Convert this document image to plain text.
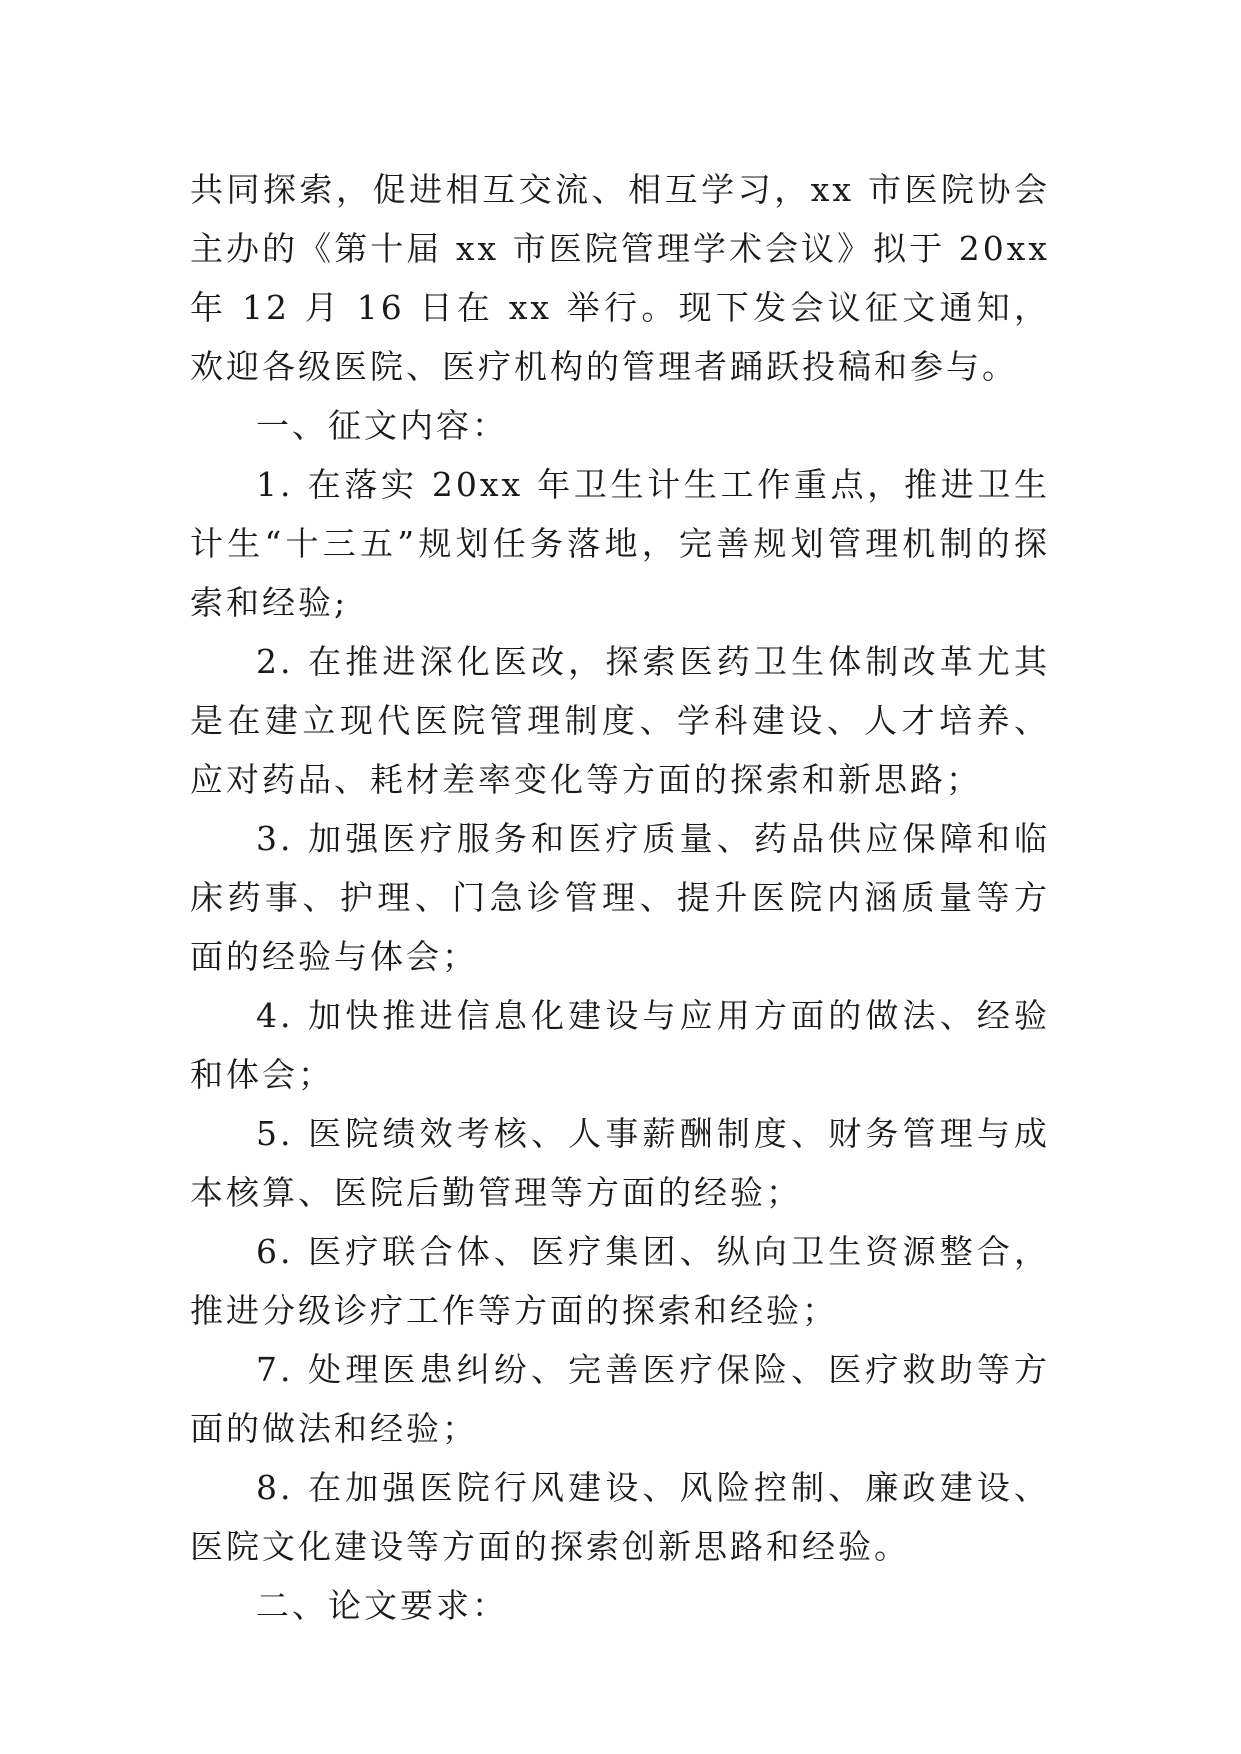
共同探索，促进相互交流、相互学习，xx 市医院协会主办的《第十届 xx 市医院管理学术会议》拟于 20xx 年 12 月 16 日在 xx 举行。现下发会议征文通知，欢迎各级医院、医疗机构的管理者踊跃投稿和参与。

一、征文内容：

1. 在落实 20xx 年卫生计生工作重点，推进卫生计生“十三五”规划任务落地，完善规划管理机制的探索和经验;

2. 在推进深化医改，探索医药卫生体制改革尤其是在建立现代医院管理制度、学科建设、人才培养、应对药品、耗材差率变化等方面的探索和新思路；

3. 加强医疗服务和医疗质量、药品供应保障和临床药事、护理、门急诊管理、提升医院内涵质量等方面的经验与体会；

4. 加快推进信息化建设与应用方面的做法、经验和体会；

5. 医院绩效考核、人事薪酬制度、财务管理与成本核算、医院后勤管理等方面的经验；

6. 医疗联合体、医疗集团、纵向卫生资源整合，推进分级诊疗工作等方面的探索和经验；

7. 处理医患纠纷、完善医疗保险、医疗救助等方面的做法和经验；

8. 在加强医院行风建设、风险控制、廉政建设、医院文化建设等方面的探索创新思路和经验。

二、论文要求：
